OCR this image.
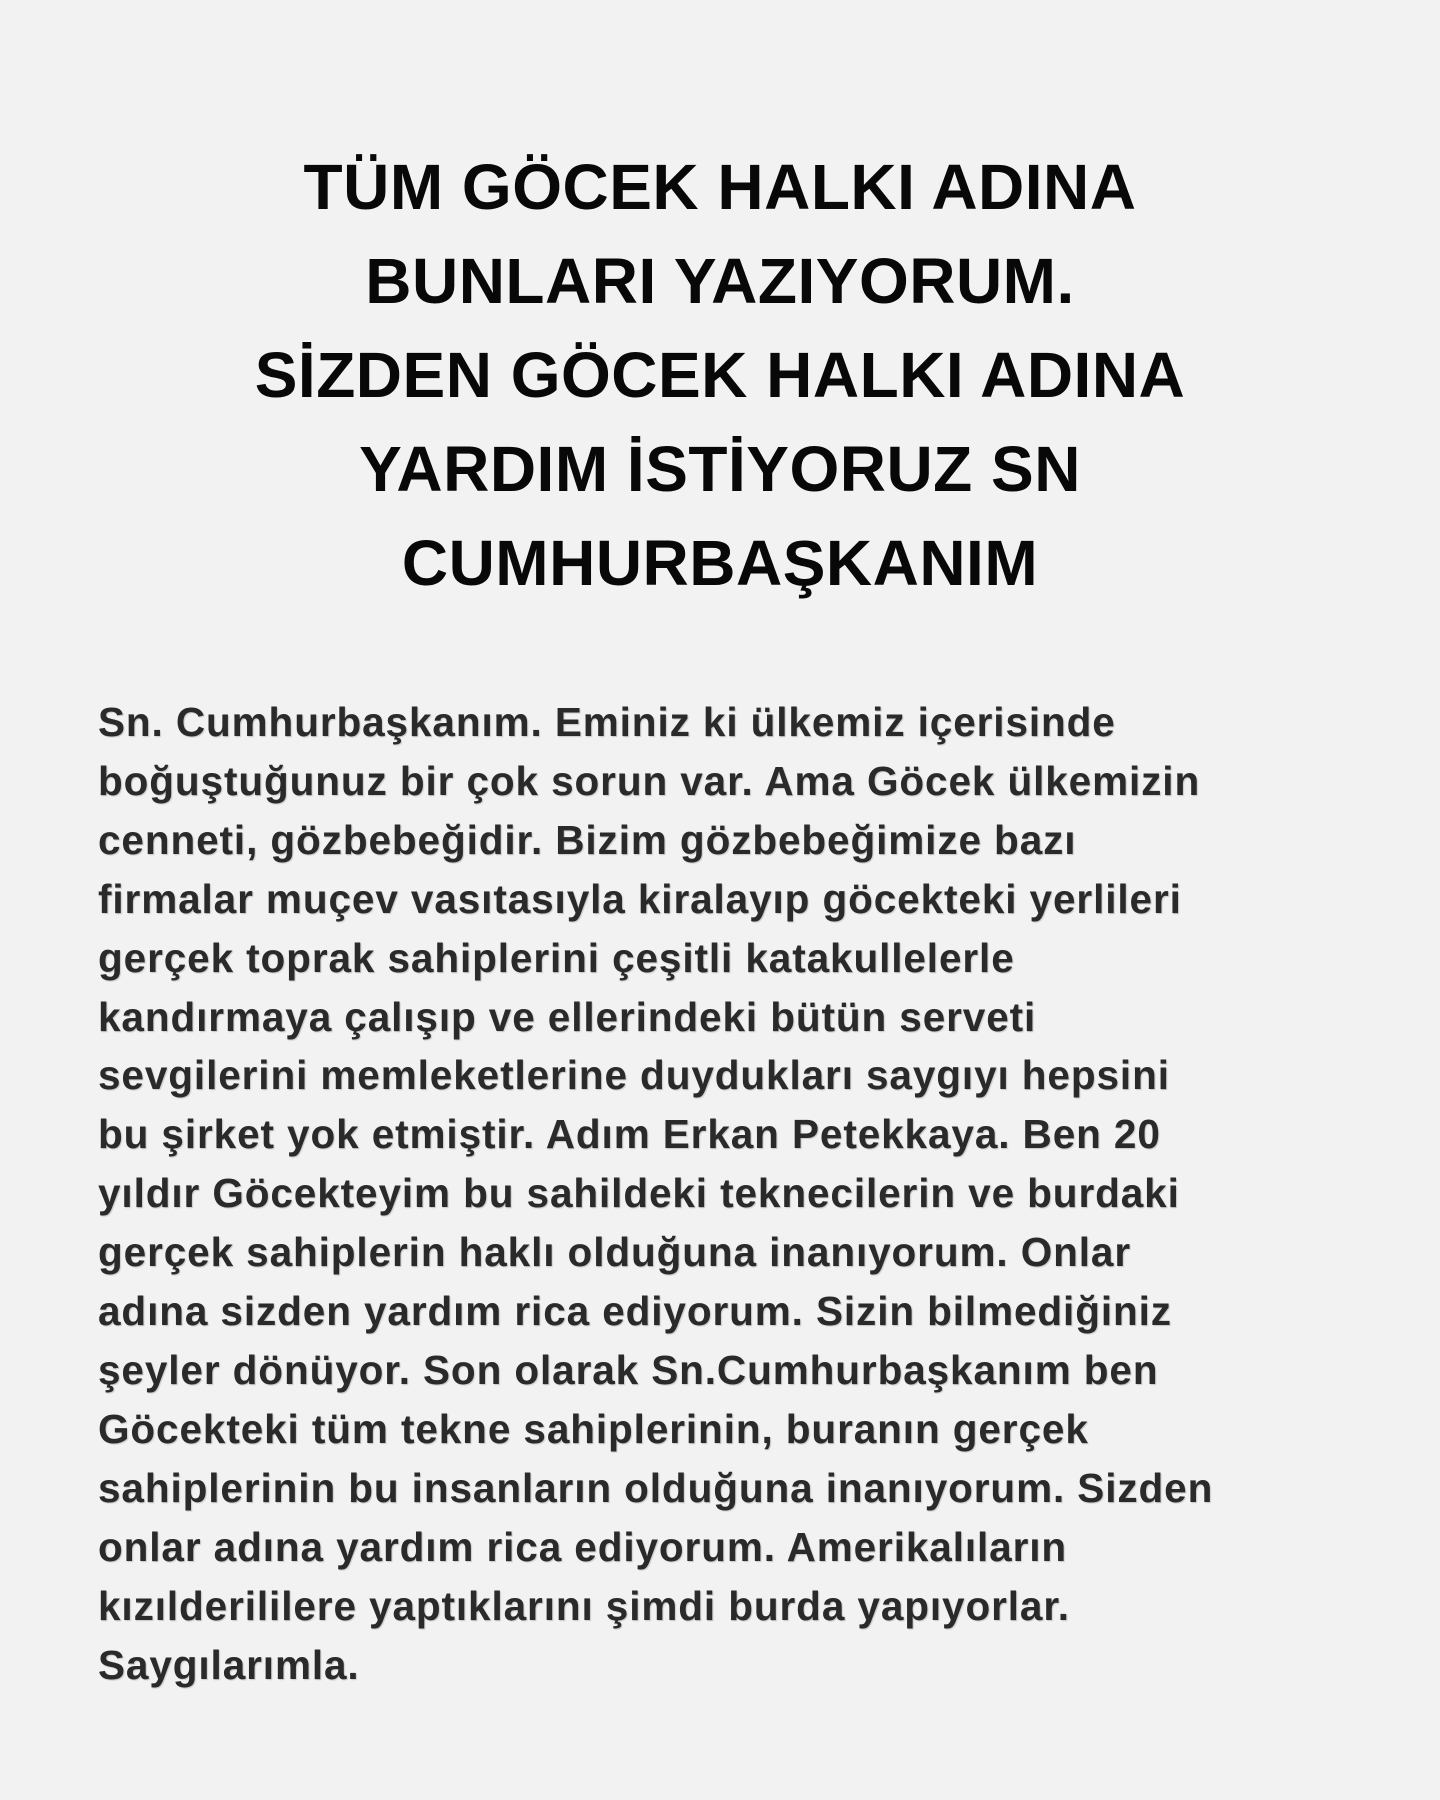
TÜM GÖCEK HALKI ADINA
BUNLARI YAZIYORUM.
SİZDEN GÖCEK HALKI ADINA
YARDIM İSTİYORUZ SN
CUMHURBAŞKANIM
Sn. Cumhurbaşkanım. Eminiz ki ülkemiz içerisinde
boğuştuğunuz bir çok sorun var. Ama Göcek ülkemizin
cenneti, gözbebeğidir. Bizim gözbebeğimize bazı
firmalar muçev vasıtasıyla kiralayıp göcekteki yerlileri
gerçek toprak sahiplerini çeşitli katakullelerle
kandırmaya çalışıp ve ellerindeki bütün serveti
sevgilerini memleketlerine duydukları saygıyı hepsini
bu şirket yok etmiştir. Adım Erkan Petekkaya. Ben 20
yıldır Göcekteyim bu sahildeki teknecilerin ve burdaki
gerçek sahiplerin haklı olduğuna inanıyorum. Onlar
adına sizden yardım rica ediyorum. Sizin bilmediğiniz
şeyler dönüyor. Son olarak Sn.Cumhurbaşkanım ben
Göcekteki tüm tekne sahiplerinin, buranın gerçek
sahiplerinin bu insanların olduğuna inanıyorum. Sizden
onlar adına yardım rica ediyorum. Amerikalıların
kızılderililere yaptıklarını şimdi burda yapıyorlar.
Saygılarımla.
